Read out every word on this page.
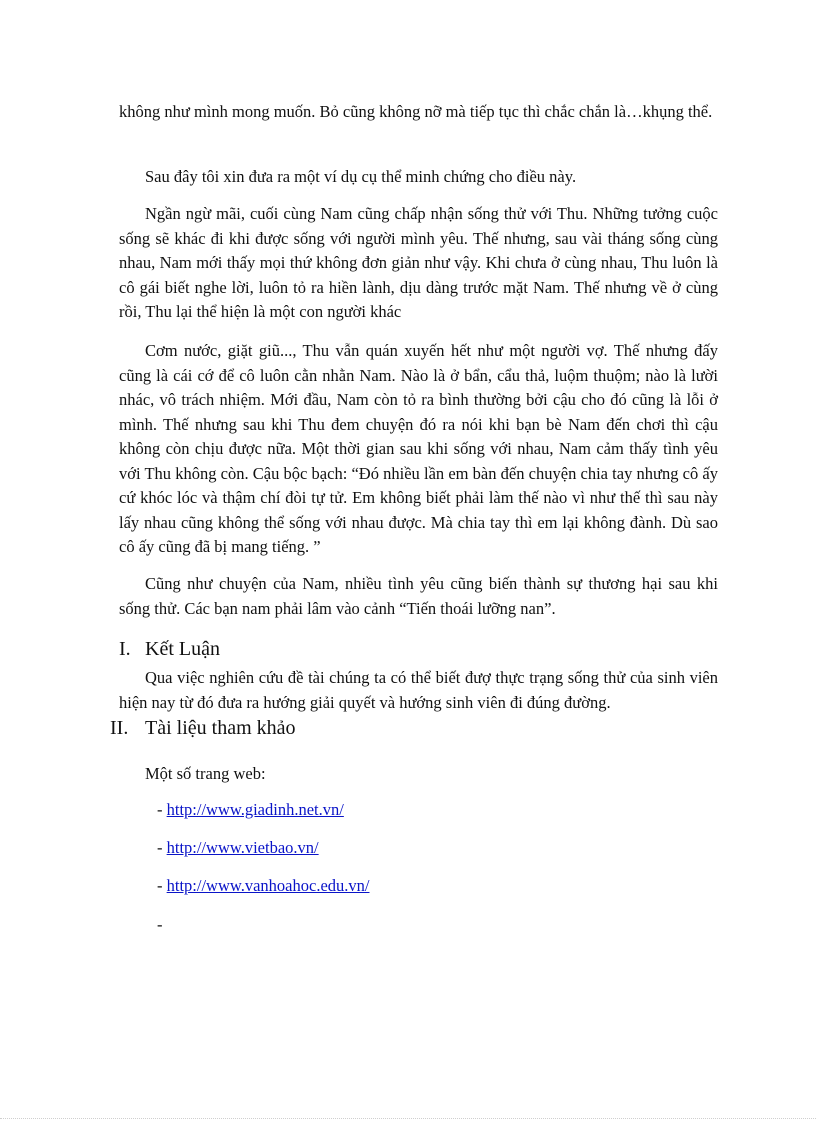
không như mình mong muốn. Bỏ cũng không nỡ mà tiếp tục thì chắc chắn là…khụng thể.

Sau đây tôi xin đưa ra một ví dụ cụ thể minh chứng cho điều này.

Ngần ngừ mãi, cuối cùng Nam cũng chấp nhận sống thử với Thu. Những tưởng cuộc sống sẽ khác đi khi được sống với người mình yêu. Thế nhưng, sau vài tháng sống cùng nhau, Nam mới thấy mọi thứ không đơn giản như vậy. Khi chưa ở cùng nhau, Thu luôn là cô gái biết nghe lời, luôn tỏ ra hiền lành, dịu dàng trước mặt Nam. Thế nhưng về ở cùng rồi, Thu lại thể hiện là một con người khác

Cơm nước, giặt giũ..., Thu vẫn quán xuyến hết như một người vợ. Thế nhưng đấy cũng là cái cớ để cô luôn cằn nhằn Nam. Nào là ở bẩn, cẩu thả, luộm thuộm; nào là lười nhác, vô trách nhiệm. Mới đầu, Nam còn tỏ ra bình thường bởi cậu cho đó cũng là lỗi ở mình. Thế nhưng sau khi Thu đem chuyện đó ra nói khi bạn bè Nam đến chơi thì cậu không còn chịu được nữa. Một thời gian sau khi sống với nhau, Nam cảm thấy tình yêu với Thu không còn. Cậu bộc bạch: “Đó nhiều lần em bàn đến chuyện chia tay nhưng cô ấy cứ khóc lóc và thậm chí đòi tự tử. Em không biết phải làm thế nào vì như thế thì sau này lấy nhau cũng không thể sống với nhau được. Mà chia tay thì em lại không đành. Dù sao cô ấy cũng đã bị mang tiếng. ”

Cũng như chuyện của Nam, nhiều tình yêu cũng biến thành sự thương hại sau khi sống thử. Các bạn nam phải lâm vào cảnh “Tiến thoái lưỡng nan”.

I. Kết Luận

Qua việc nghiên cứu đề tài chúng ta có thể biết đượ thực trạng sống thử của sinh viên hiện nay từ đó đưa ra hướng giải quyết và hướng sinh viên đi đúng đường.

II. Tài liệu tham khảo

Một số trang web:

- http://www.giadinh.net.vn/

- http://www.vietbao.vn/

- http://www.vanhoahoc.edu.vn/

-
